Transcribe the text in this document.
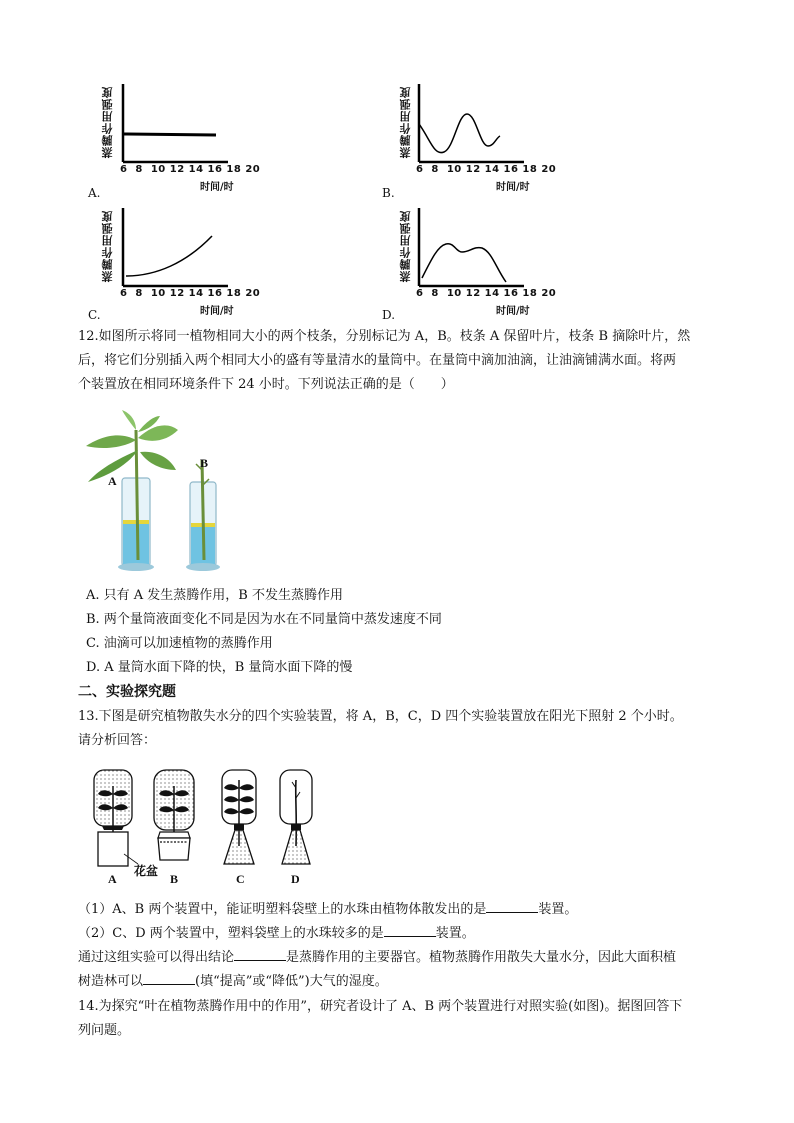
蒸腾作用强度
6  8  10 12 14 16 18 20
时间/时
A.
蒸腾作用强度
6  8  10 12 14 16 18 20
时间/时
B.
蒸腾作用强度
6  8  10 12 14 16 18 20
时间/时
C.
蒸腾作用强度
6  8  10 12 14 16 18 20
时间/时
D.
12.如图所示将同一植物相同大小的两个枝条，分别标记为 A，B。枝条 A 保留叶片，枝条 B 摘除叶片，然
后，将它们分别插入两个相同大小的盛有等量清水的量筒中。在量筒中滴加油滴，让油滴铺满水面。将两
个装置放在相同环境条件下 24 小时。下列说法正确的是（　　）
A
B
A. 只有 A 发生蒸腾作用，B 不发生蒸腾作用
B. 两个量筒液面变化不同是因为水在不同量筒中蒸发速度不同
C. 油滴可以加速植物的蒸腾作用
D. A 量筒水面下降的快，B 量筒水面下降的慢
二、实验探究题
13.下图是研究植物散失水分的四个实验装置，将 A，B，C，D 四个实验装置放在阳光下照射 2 个小时。
请分析回答：
A	B	C	D
花盆
（1）A、B 两个装置中，能证明塑料袋壁上的水珠由植物体散发出的是	装置。
（2）C、D 两个装置中，塑料袋壁上的水珠较多的是	装置。
通过这组实验可以得出结论	是蒸腾作用的主要器官。植物蒸腾作用散失大量水分，因此大面积植
树造林可以	(填“提高”或“降低”)大气的湿度。
14.为探究“叶在植物蒸腾作用中的作用”，研究者设计了 A、B 两个装置进行对照实验(如图)。据图回答下
列问题。
